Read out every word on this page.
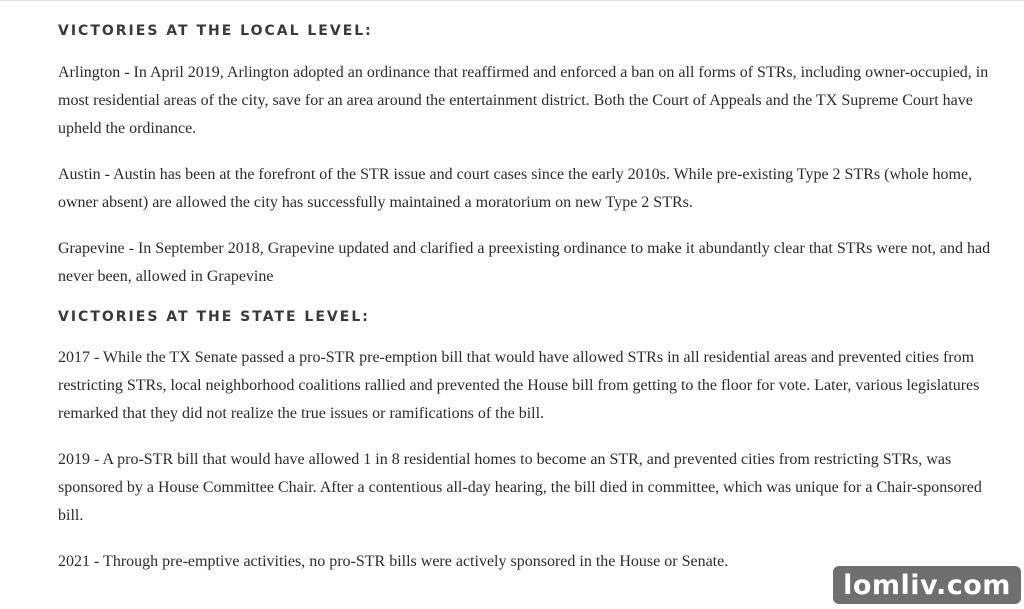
VICTORIES AT THE LOCAL LEVEL:

Arlington - In April 2019, Arlington adopted an ordinance that reaffirmed and enforced a ban on all forms of STRs, including owner-occupied, in most residential areas of the city, save for an area around the entertainment district. Both the Court of Appeals and the TX Supreme Court have upheld the ordinance.

Austin - Austin has been at the forefront of the STR issue and court cases since the early 2010s. While pre-existing Type 2 STRs (whole home, owner absent) are allowed the city has successfully maintained a moratorium on new Type 2 STRs.

Grapevine - In September 2018, Grapevine updated and clarified a preexisting ordinance to make it abundantly clear that STRs were not, and had never been, allowed in Grapevine

VICTORIES AT THE STATE LEVEL:

2017 - While the TX Senate passed a pro-STR pre-emption bill that would have allowed STRs in all residential areas and prevented cities from restricting STRs, local neighborhood coalitions rallied and prevented the House bill from getting to the floor for vote. Later, various legislatures remarked that they did not realize the true issues or ramifications of the bill.

2019 - A pro-STR bill that would have allowed 1 in 8 residential homes to become an STR, and prevented cities from restricting STRs, was sponsored by a House Committee Chair. After a contentious all-day hearing, the bill died in committee, which was unique for a Chair-sponsored bill.

2021 - Through pre-emptive activities, no pro-STR bills were actively sponsored in the House or Senate.

lomliv.com
